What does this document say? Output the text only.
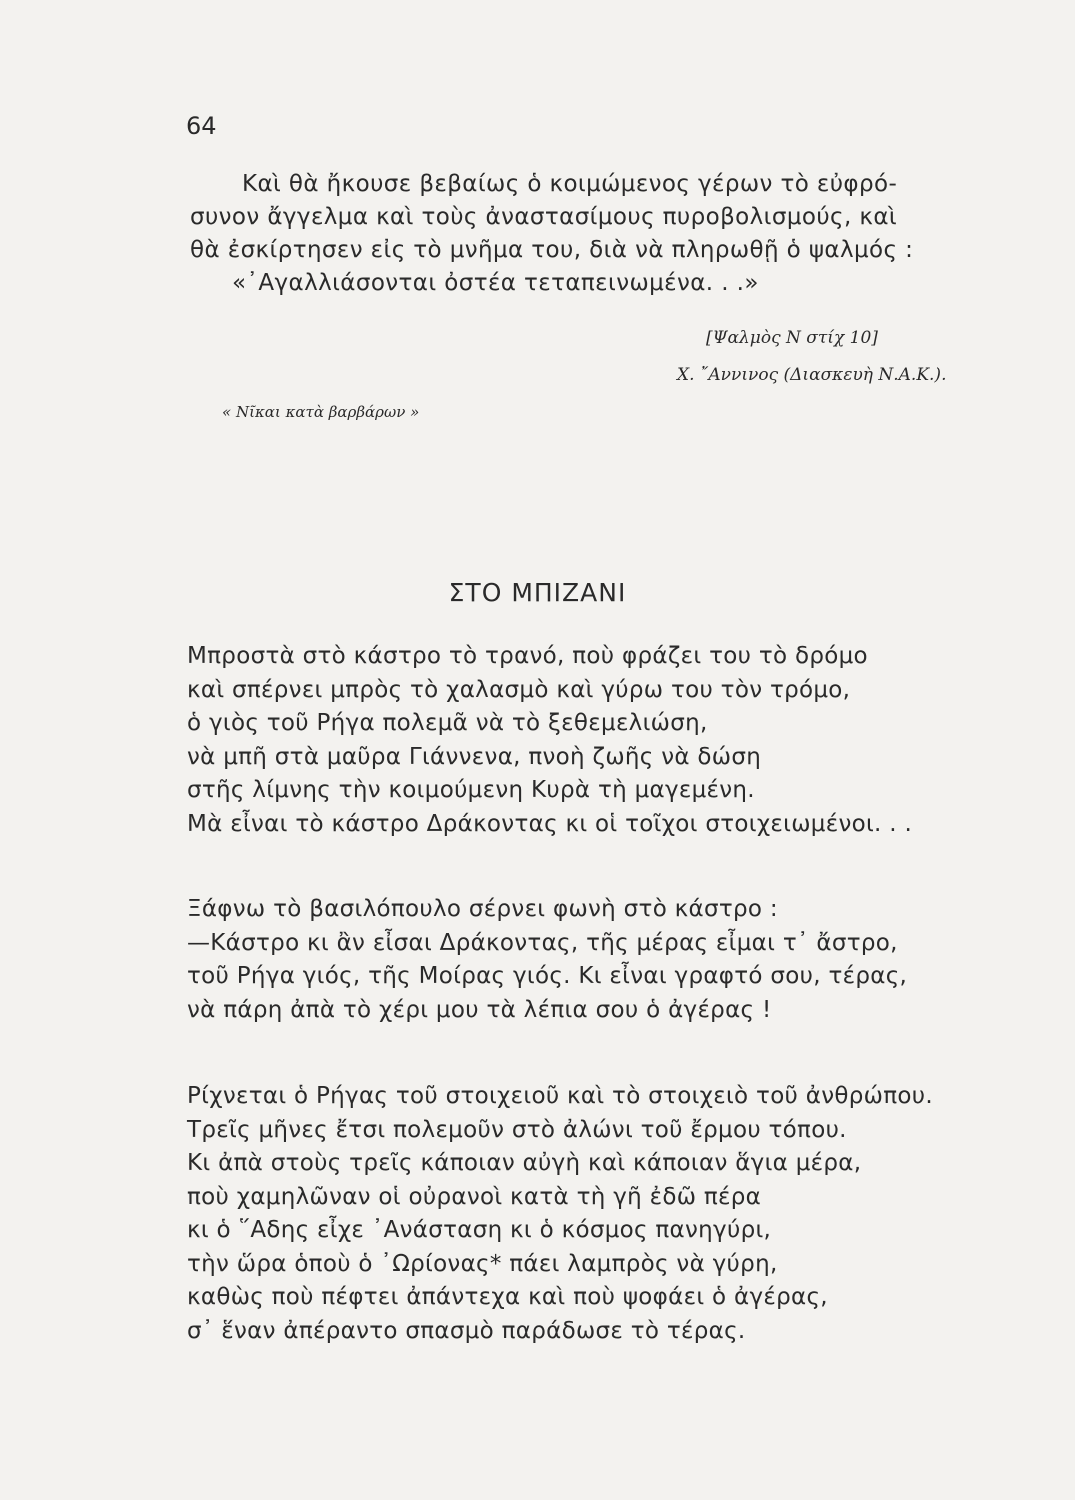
64
Καὶ θὰ ἤκουσε βεβαίως ὁ κοιμώμενος γέρων τὸ εὐφρό-
συνον ἄγγελμα καὶ τοὺς ἀναστασίμους πυροβολισμούς, καὶ
θὰ ἐσκίρτησεν εἰς τὸ μνῆμα του, διὰ νὰ πληρωθῇ ὁ ψαλμός :
«᾿Αγαλλιάσονται ὀστέα τεταπεινωμένα. . .»
[Ψαλμὸς Ν στίχ 10]
Χ. ῎Αννινος (Διασκευὴ Ν.Α.Κ.).
« Νῖκαι κατὰ βαρβάρων »
ΣΤΟ ΜΠΙΖΑΝΙ
Μπροστὰ στὸ κάστρο τὸ τρανό, ποὺ φράζει του τὸ δρόμο
καὶ σπέρνει μπρὸς τὸ χαλασμὸ καὶ γύρω του τὸν τρόμο,
ὁ γιὸς τοῦ Ρήγα πολεμᾶ νὰ τὸ ξεθεμελιώση,
νὰ μπῆ στὰ μαῦρα Γιάννενα, πνοὴ ζωῆς νὰ δώση
στῆς λίμνης τὴν κοιμούμενη Κυρὰ τὴ μαγεμένη.
Μὰ εἶναι τὸ κάστρο Δράκοντας κι οἱ τοῖχοι στοιχειωμένοι. . .
Ξάφνω τὸ βασιλόπουλο σέρνει φωνὴ στὸ κάστρο :
—Κάστρο κι ἂν εἶσαι Δράκοντας, τῆς μέρας εἶμαι τ᾿ ἄστρο,
τοῦ Ρήγα γιός, τῆς Μοίρας γιός. Κι εἶναι γραφτό σου, τέρας,
νὰ πάρη ἀπὰ τὸ χέρι μου τὰ λέπια σου ὁ ἀγέρας !
Ρίχνεται ὁ Ρήγας τοῦ στοιχειοῦ καὶ τὸ στοιχειὸ τοῦ ἀνθρώπου.
Τρεῖς μῆνες ἔτσι πολεμοῦν στὸ ἀλώνι τοῦ ἔρμου τόπου.
Κι ἀπὰ στοὺς τρεῖς κάποιαν αὐγὴ καὶ κάποιαν ἅγια μέρα,
ποὺ χαμηλῶναν οἱ οὐρανοὶ κατὰ τὴ γῆ ἐδῶ πέρα
κι ὁ ῞Αδης εἶχε ᾿Ανάσταση κι ὁ κόσμος πανηγύρι,
τὴν ὥρα ὁποὺ ὁ ᾿Ωρίονας* πάει λαμπρὸς νὰ γύρη,
καθὼς ποὺ πέφτει ἀπάντεχα καὶ ποὺ ψοφάει ὁ ἀγέρας,
σ᾿ ἕναν ἀπέραντο σπασμὸ παράδωσε τὸ τέρας.
